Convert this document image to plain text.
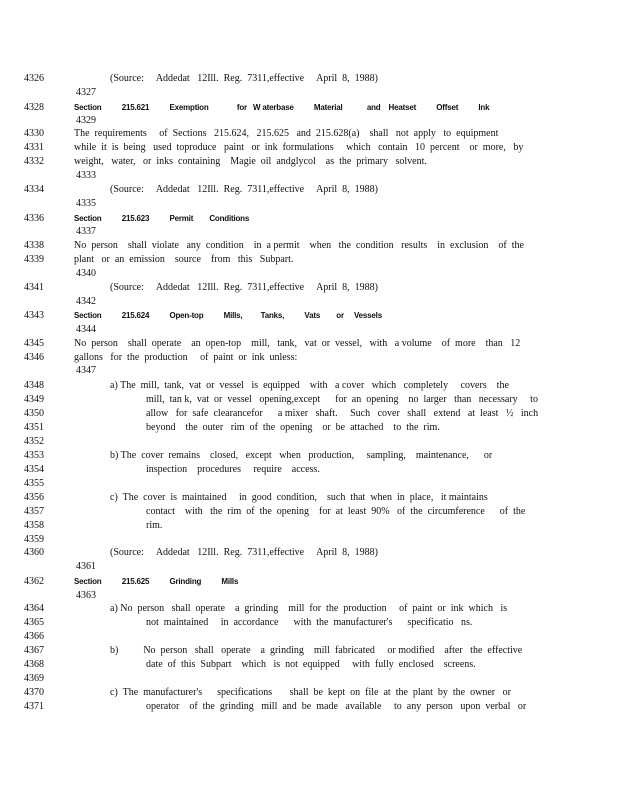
4326	(Source:     Addedat   12Ill.  Reg.  7311,effective     April  8,  1988)
4327
4328	Section          215.621          Exemption              for   W aterbase          Material            and    Heatset          Offset          Ink
4329
4330	The  requirements     of  Sections   215.624,   215.625   and  215.628(a)    shall   not  apply   to  equipment
4331	while  it  is  being   used  toproduce   paint   or  ink  formulations     which   contain   10  percent    or  more,   by
4332	weight,   water,   or  inks  containing    Magie  oil  andglycol    as  the  primary   solvent.
4333
4334	(Source:     Addedat   12Ill.  Reg.  7311,effective     April  8,  1988)
4335
4336	Section          215.623          Permit        Conditions
4337
4338	No  person    shall  violate   any  condition    in  a permit    when   the  condition   results    in  exclusion    of  the
4339	plant   or  an  emission    source    from   this   Subpart.
4340
4341	(Source:     Addedat   12Ill.  Reg.  7311,effective     April  8,  1988)
4342
4343	Section          215.624          Open-top          Mills,         Tanks,          Vats        or     Vessels
4344
4345	No  person    shall  operate    an  open-top    mill,   tank,   vat  or  vessel,   with   a volume    of  more    than   12
4346	gallons   for  the  production     of  paint  or  ink  unless:
4347
4348	a) The  mill,  tank,  vat  or  vessel   is  equipped    with   a cover   which   completely     covers    the
4349	mill,  tan k,  vat  or  vessel   opening,except      for  an  opening    no  larger   than   necessary     to
4350	allow   for  safe  clearancefor      a mixer   shaft.     Such   cover   shall   extend   at  least   ½   inch
4351	beyond    the  outer   rim  of  the  opening    or  be  attached    to  the  rim.
4352
4353	b) The  cover  remains    closed,   except   when   production,     sampling,    maintenance,      or
4354	inspection    procedures     require    access.
4355
4356	c)  The  cover  is  maintained     in  good  condition,    such  that  when  in  place,   it maintains
4357	contact    with   the  rim  of  the  opening    for  at  least  90%   of  the  circumference      of  the
4358	rim.
4359
4360	(Source:     Addedat   12Ill.  Reg.  7311,effective     April  8,  1988)
4361
4362	Section          215.625          Grinding          Mills
4363
4364	a) No  person   shall  operate    a  grinding    mill  for  the  production     of  paint  or  ink  which   is
4365	not  maintained     in  accordance      with  the  manufacturer's      specificatio   ns.
4366
4367	b)          No  person   shall   operate    a  grinding    mill  fabricated     or modified    after   the  effective
4368	date  of  this  Subpart    which   is  not  equipped     with  fully  enclosed    screens.
4369
4370	c)  The  manufacturer's      specifications       shall  be  kept  on  file  at  the  plant  by  the  owner   or
4371	operator    of  the  grinding   mill  and  be  made   available     to  any  person   upon  verbal   or
